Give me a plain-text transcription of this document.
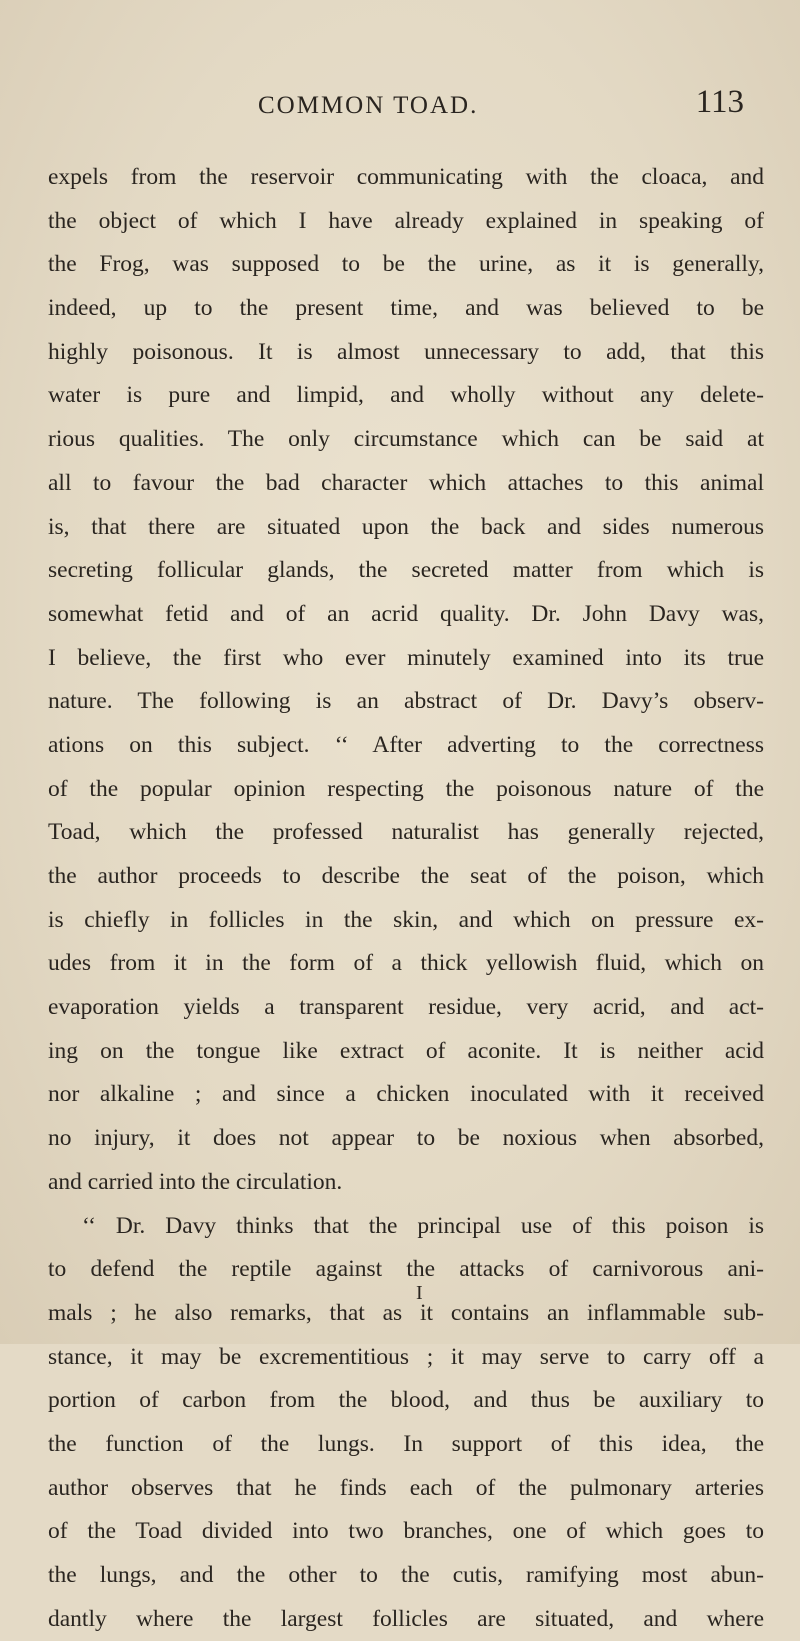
COMMON TOAD.	113
expels from the reservoir communicating with the cloaca, and
the object of which I have already explained in speaking of
the Frog, was supposed to be the urine, as it is generally,
indeed, up to the present time, and was believed to be
highly poisonous. It is almost unnecessary to add, that this
water is pure and limpid, and wholly without any delete-
rious qualities. The only circumstance which can be said at
all to favour the bad character which attaches to this animal
is, that there are situated upon the back and sides numerous
secreting follicular glands, the secreted matter from which is
somewhat fetid and of an acrid quality. Dr. John Davy was,
I believe, the first who ever minutely examined into its true
nature. The following is an abstract of Dr. Davy’s observ-
ations on this subject. ‘‘ After adverting to the correctness
of the popular opinion respecting the poisonous nature of the
Toad, which the professed naturalist has generally rejected,
the author proceeds to describe the seat of the poison, which
is chiefly in follicles in the skin, and which on pressure ex-
udes from it in the form of a thick yellowish fluid, which on
evaporation yields a transparent residue, very acrid, and act-
ing on the tongue like extract of aconite. It is neither acid
nor alkaline ; and since a chicken inoculated with it received
no injury, it does not appear to be noxious when absorbed,
and carried into the circulation.
‘‘ Dr. Davy thinks that the principal use of this poison is
to defend the reptile against the attacks of carnivorous ani-
mals ; he also remarks, that as it contains an inflammable sub-
stance, it may be excrementitious ; it may serve to carry off a
portion of carbon from the blood, and thus be auxiliary to
the function of the lungs. In support of this idea, the
author observes that he finds each of the pulmonary arteries
of the Toad divided into two branches, one of which goes to
the lungs, and the other to the cutis, ramifying most abun-
dantly where the largest follicles are situated, and where
I
